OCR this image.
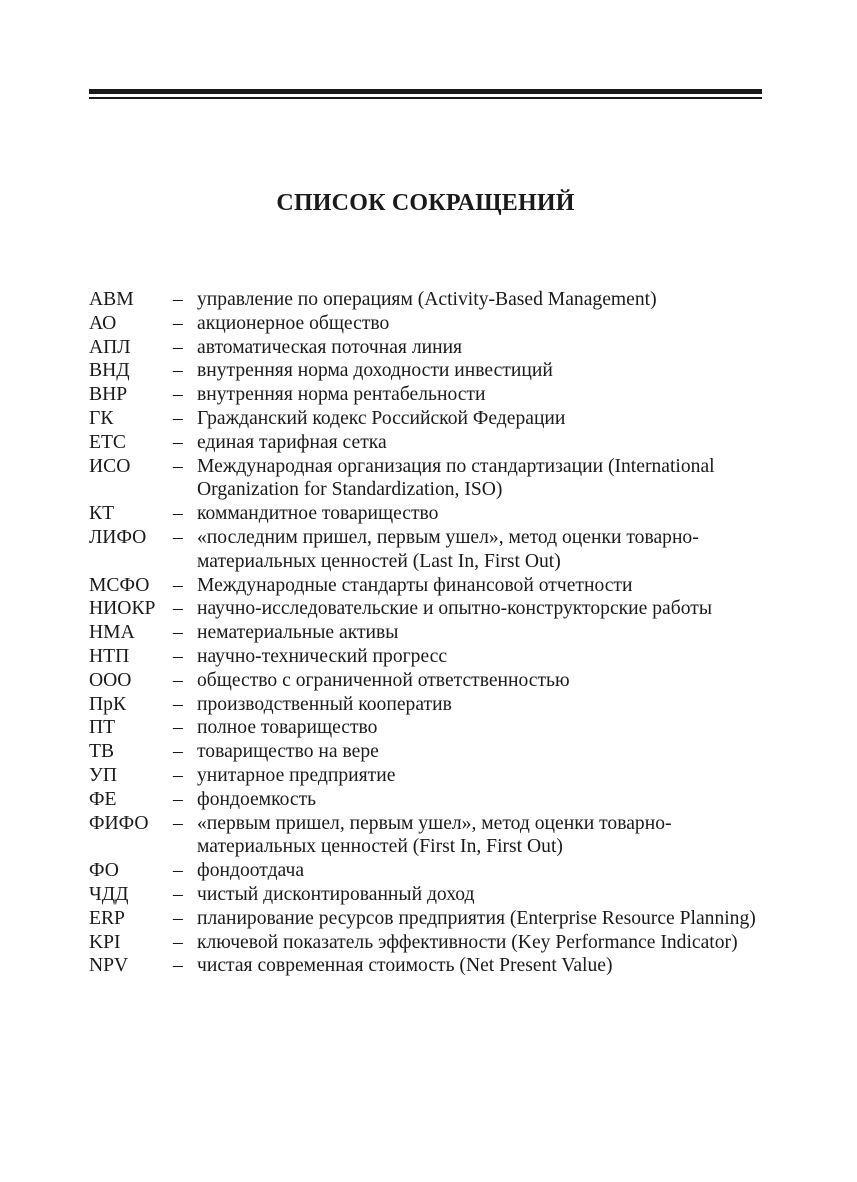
СПИСОК СОКРАЩЕНИЙ
АВМ	– управление по операциям (Activity-Based Management)
АО	– акционерное общество
АПЛ	– автоматическая поточная линия
ВНД	– внутренняя норма доходности инвестиций
ВНР	– внутренняя норма рентабельности
ГК	– Гражданский кодекс Российской Федерации
ЕТС	– единая тарифная сетка
ИСО	– Международная организация по стандартизации (International Organization for Standardization, ISO)
КТ	– коммандитное товарищество
ЛИФО	– «последним пришел, первым ушел», метод оценки товарно-материальных ценностей (Last In, First Out)
МСФО	– Международные стандарты финансовой отчетности
НИОКР – научно-исследовательские и опытно-конструкторские работы
НМА	– нематериальные активы
НТП	– научно-технический прогресс
ООО	– общество с ограниченной ответственностью
ПрК	– производственный кооператив
ПТ	– полное товарищество
ТВ	– товарищество на вере
УП	– унитарное предприятие
ФЕ	– фондоемкость
ФИФО	– «первым пришел, первым ушел», метод оценки товарно-материальных ценностей (First In, First Out)
ФО	– фондоотдача
ЧДД	– чистый дисконтированный доход
ERP	– планирование ресурсов предприятия (Enterprise Resource Planning)
KPI	– ключевой показатель эффективности (Key Performance Indicator)
NPV	– чистая современная стоимость (Net Present Value)
